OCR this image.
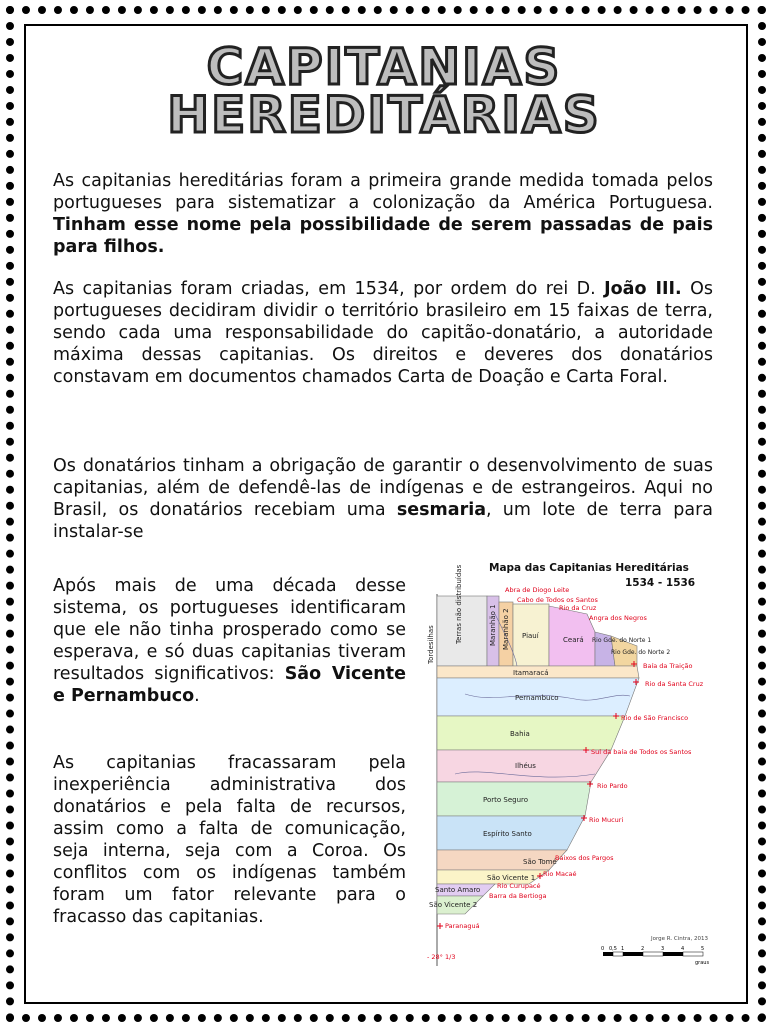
CAPITANIAS
HEREDITÁRIAS
As capitanias hereditárias foram a primeira grande medida tomada pelos portugueses para sistematizar a colonização da América Portuguesa. Tinham esse nome pela possibilidade de serem passadas de pais para filhos.
As capitanias foram criadas, em 1534, por ordem do rei D. João III. Os portugueses decidiram dividir o território brasileiro em 15 faixas de terra, sendo cada uma responsabilidade do capitão-donatário, a autoridade máxima dessas capitanias. Os direitos e deveres dos donatários constavam em documentos chamados Carta de Doação e Carta Foral.
Os donatários tinham a obrigação de garantir o desenvolvimento de suas capitanias, além de defendê-las de indígenas e de estrangeiros. Aqui no Brasil, os donatários recebiam uma sesmaria, um lote de terra para instalar-se
Após mais de uma década desse sistema, os portugueses identificaram que ele não tinha prosperado como se esperava, e só duas capitanias tiveram resultados significativos: São Vicente e Pernambuco.
As capitanias fracassaram pela inexperiência administrativa dos donatários e pela falta de recursos, assim como a falta de comunicação, seja interna, seja com a Coroa. Os conflitos com os indígenas também foram um fator relevante para o fracasso das capitanias.
Mapa das Capitanias Hereditárias
1534 - 1536
Tordesilhas
Terras não distribuídas	Maranhão 1 Maranhão 2 Piauí	Ceará Rio Gde. do Norte 1
Rio Gde. do Norte 2
Itamaracá
Pernambuco
Bahia
Ilhéus
Porto Seguro
Espírito Santo
São Tomé
São Vicente 1
Santo Amaro
São Vicente 2
Abra de Diogo Leite
Cabo de Todos os Santos
Rio da Cruz
Angra dos Negros
Baía da Traição
Rio da Santa Cruz
Rio de São Francisco
Sul da baía de Todos os Santos
Rio Pardo
Rio Mucuri
Baixos dos Pargos
Rio Macaé
Rio Curupacé
Barra da Bertioga
Paranaguá
- 28° 1/3
Jorge R. Cintra, 2013
0 0,5 1	2	3	4	5
graus
